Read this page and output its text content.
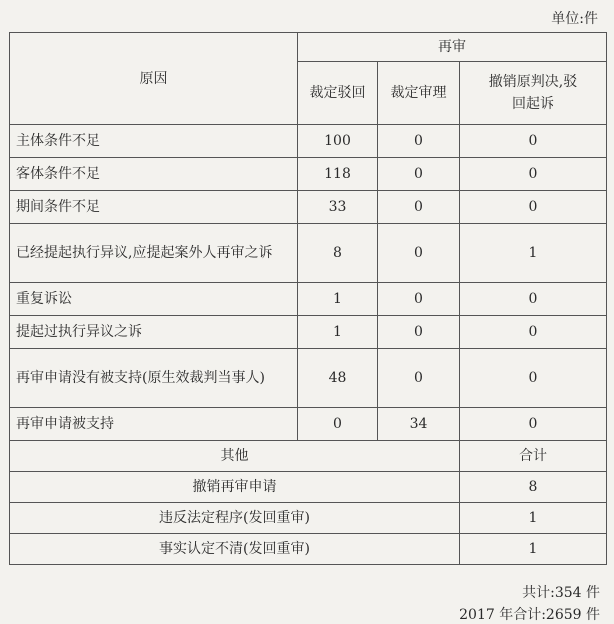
单位:件
原因	再审		
	裁定驳回	裁定审理	撤销原判决,驳回起诉
主体条件不足	100	0	0
客体条件不足	118	0	0
期间条件不足	33	0	0
已经提起执行异议,应提起案外人再审之诉	8	0	1
重复诉讼	1	0	0
提起过执行异议之诉	1	0	0
再审申请没有被支持(原生效裁判当事人)	48	0	0
再审申请被支持	0	34	0
其他			合计
撤销再审申请			8
违反法定程序(发回重审)			1
事实认定不清(发回重审)			1
共计:354 件
2017 年合计:2659 件
